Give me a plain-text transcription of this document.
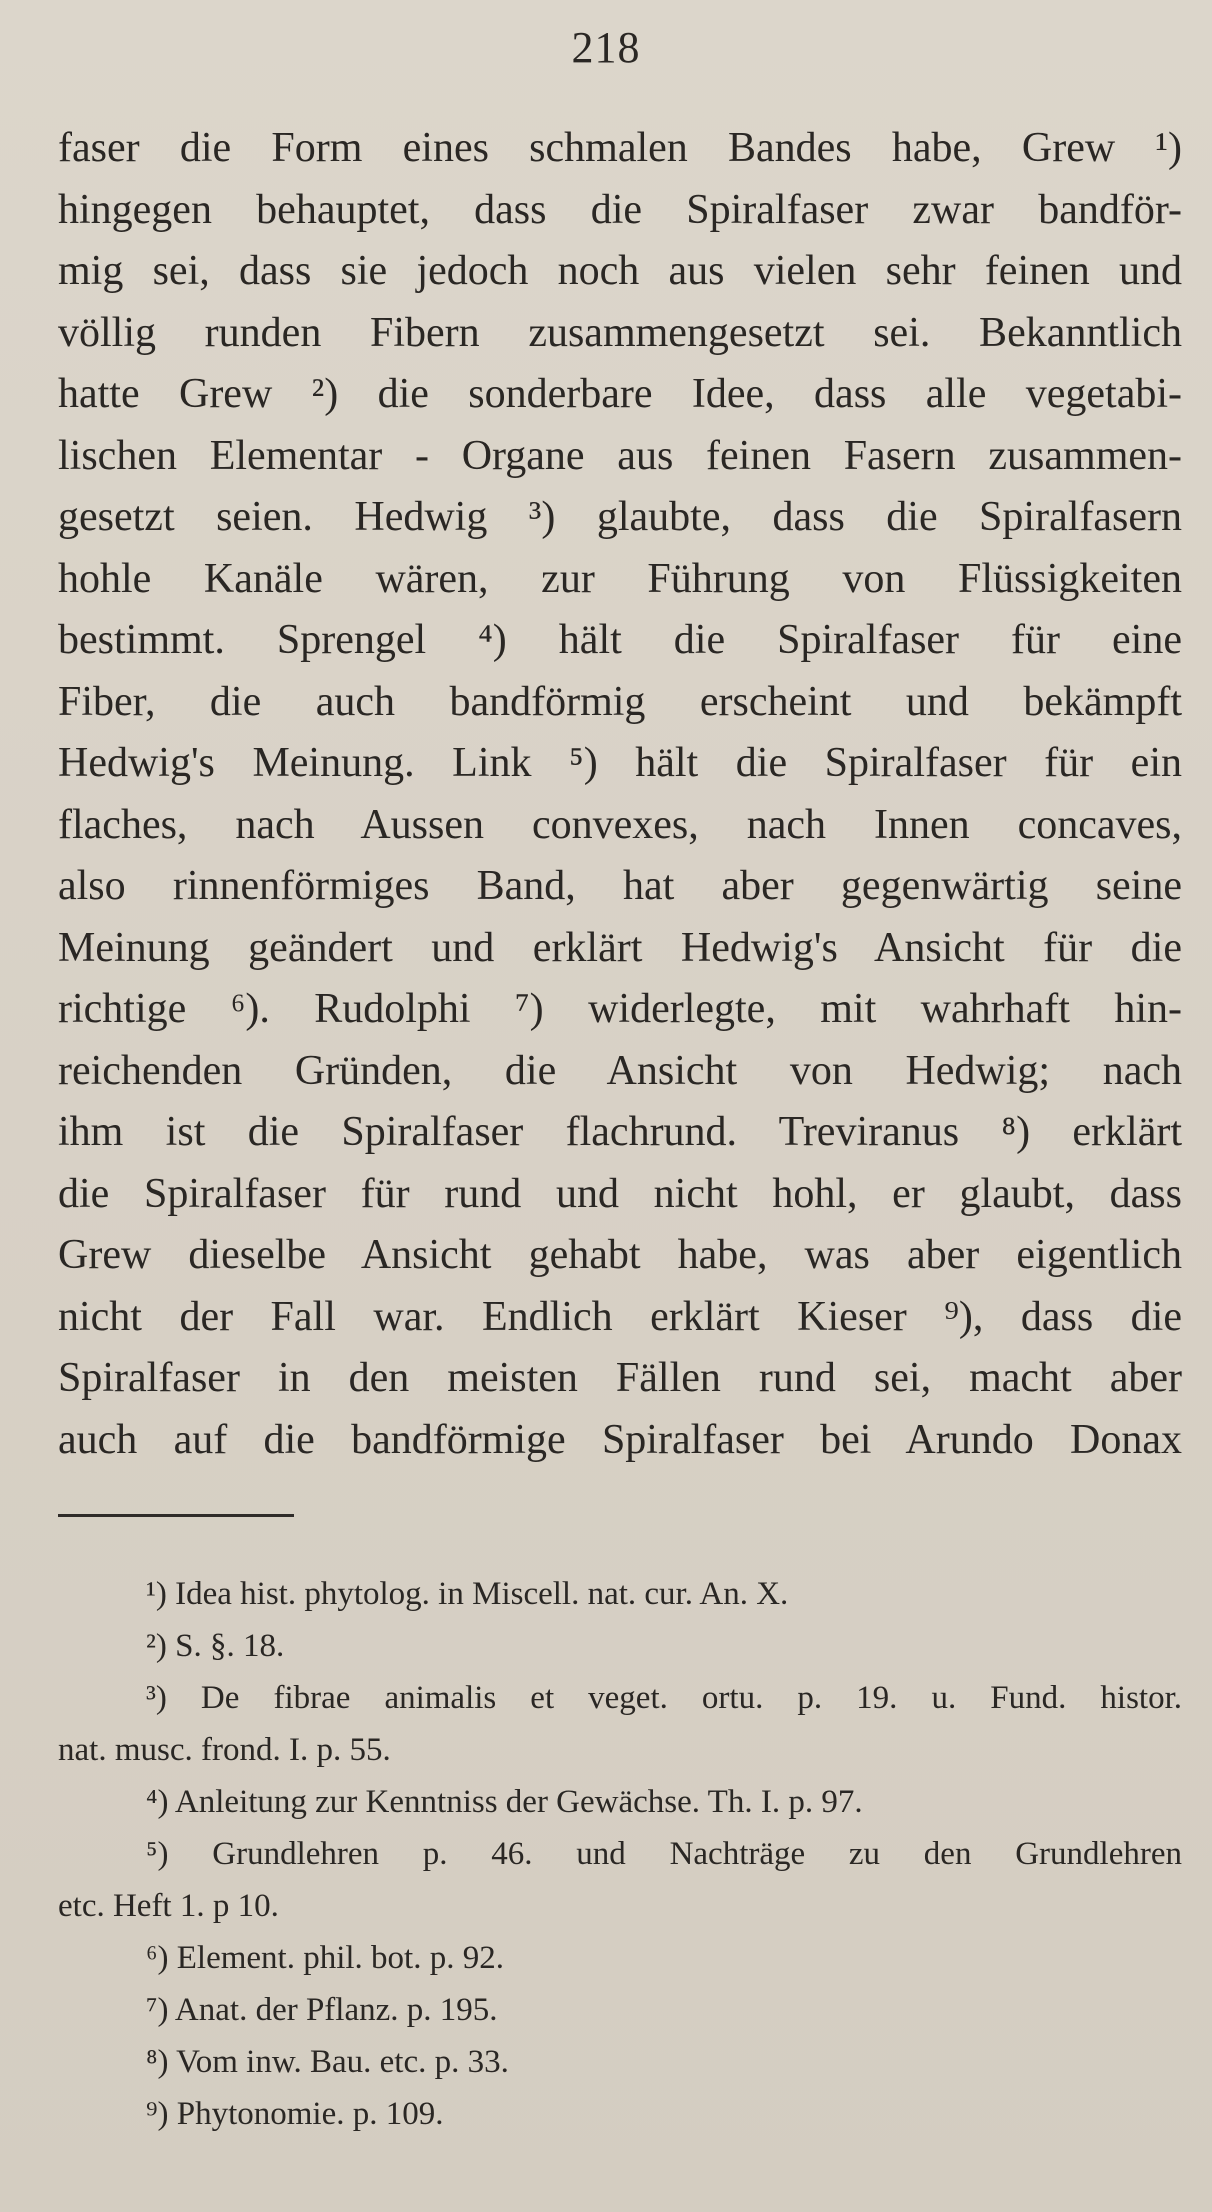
218
faser die Form eines schmalen Bandes habe, Grew ¹)
hingegen behauptet, dass die Spiralfaser zwar bandför-
mig sei, dass sie jedoch noch aus vielen sehr feinen und
völlig runden Fibern zusammengesetzt sei. Bekanntlich
hatte Grew ²) die sonderbare Idee, dass alle vegetabi-
lischen Elementar - Organe aus feinen Fasern zusammen-
gesetzt seien. Hedwig ³) glaubte, dass die Spiralfasern
hohle Kanäle wären, zur Führung von Flüssigkeiten
bestimmt. Sprengel ⁴) hält die Spiralfaser für eine
Fiber, die auch bandförmig erscheint und bekämpft
Hedwig's Meinung. Link ⁵) hält die Spiralfaser für ein
flaches, nach Aussen convexes, nach Innen concaves,
also rinnenförmiges Band, hat aber gegenwärtig seine
Meinung geändert und erklärt Hedwig's Ansicht für die
richtige ⁶). Rudolphi ⁷) widerlegte, mit wahrhaft hin-
reichenden Gründen, die Ansicht von Hedwig; nach
ihm ist die Spiralfaser flachrund. Treviranus ⁸) erklärt
die Spiralfaser für rund und nicht hohl, er glaubt, dass
Grew dieselbe Ansicht gehabt habe, was aber eigentlich
nicht der Fall war. Endlich erklärt Kieser ⁹), dass die
Spiralfaser in den meisten Fällen rund sei, macht aber
auch auf die bandförmige Spiralfaser bei Arundo Donax
¹) Idea hist. phytolog. in Miscell. nat. cur. An. X.
²) S. §. 18.
³) De fibrae animalis et veget. ortu. p. 19. u. Fund. histor.
nat. musc. frond. I. p. 55.
⁴) Anleitung zur Kenntniss der Gewächse. Th. I. p. 97.
⁵) Grundlehren p. 46. und Nachträge zu den Grundlehren
etc. Heft 1. p 10.
⁶) Element. phil. bot. p. 92.
⁷) Anat. der Pflanz. p. 195.
⁸) Vom inw. Bau. etc. p. 33.
⁹) Phytonomie. p. 109.
